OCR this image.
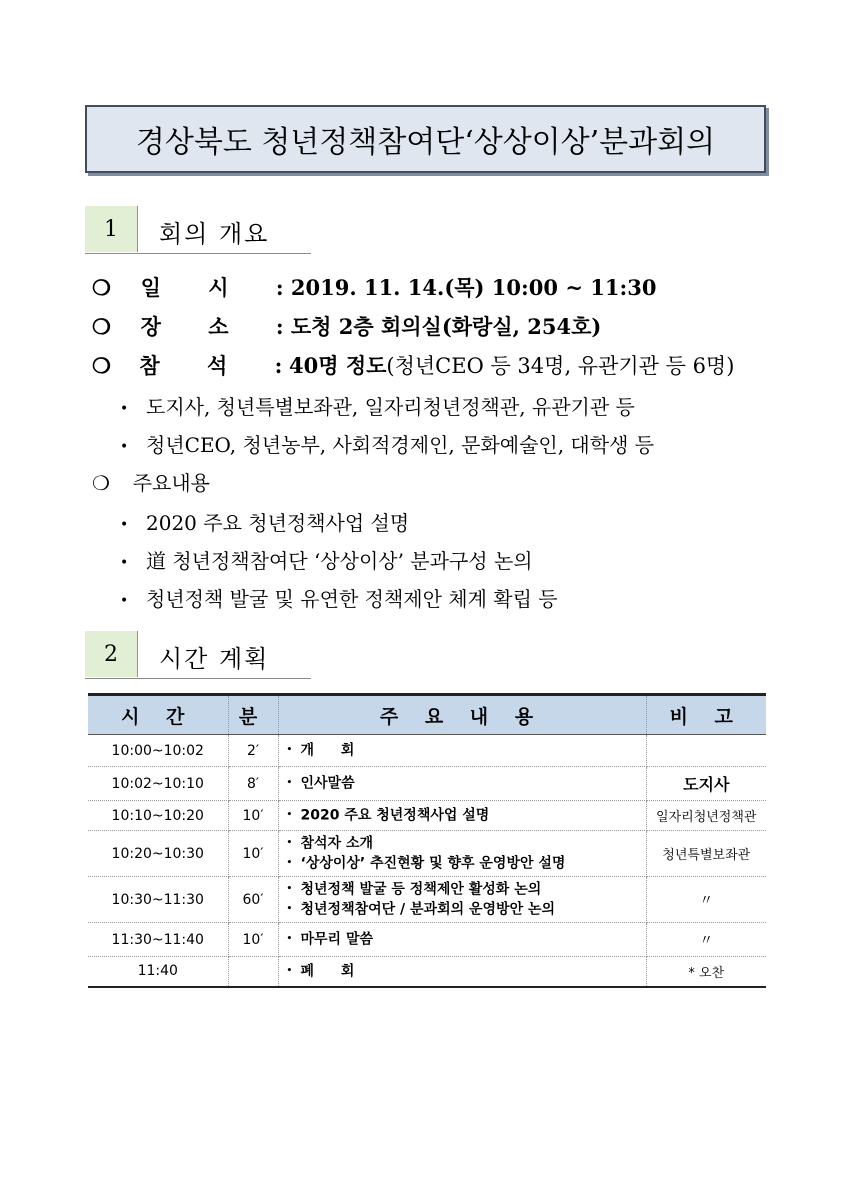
경상북도 청년정책참여단‘상상이상’분과회의
1	회의 개요
❍ 일 시 : 2019. 11. 14.(목) 10:00 ~ 11:30
❍ 장 소 : 도청 2층 회의실(화랑실, 254호)
❍ 참 석 : 40명 정도(청년CEO 등 34명, 유관기관 등 6명)
• 도지사, 청년특별보좌관, 일자리청년정책관, 유관기관 등
• 청년CEO, 청년농부, 사회적경제인, 문화예술인, 대학생 등
❍ 주요내용
• 2020 주요 청년정책사업 설명
• 道 청년정책참여단 ‘상상이상’ 분과구성 논의
• 청년정책 발굴 및 유연한 정책제안 체계 확립 등
2	시간 계획
시 간	분	주 요 내 용	비 고
10:00~10:02	2′	• 개 회

10:02~10:10	8′	• 인사말씀	도지사
10:10~10:20	10′	• 2020 주요 청년정책사업 설명	일자리청년정책관
10:20~10:30	10′	• 참석자 소개
• ‘상상이상’ 추진현황 및 향후 운영방안 설명	청년특별보좌관
10:30~11:30	60′	• 청년정책 발굴 등 정책제안 활성화 논의
• 청년정책참여단 / 분과회의 운영방안 논의	〃
11:30~11:40	10′	• 마무리 말씀	〃
11:40		• 폐 회	* 오찬
